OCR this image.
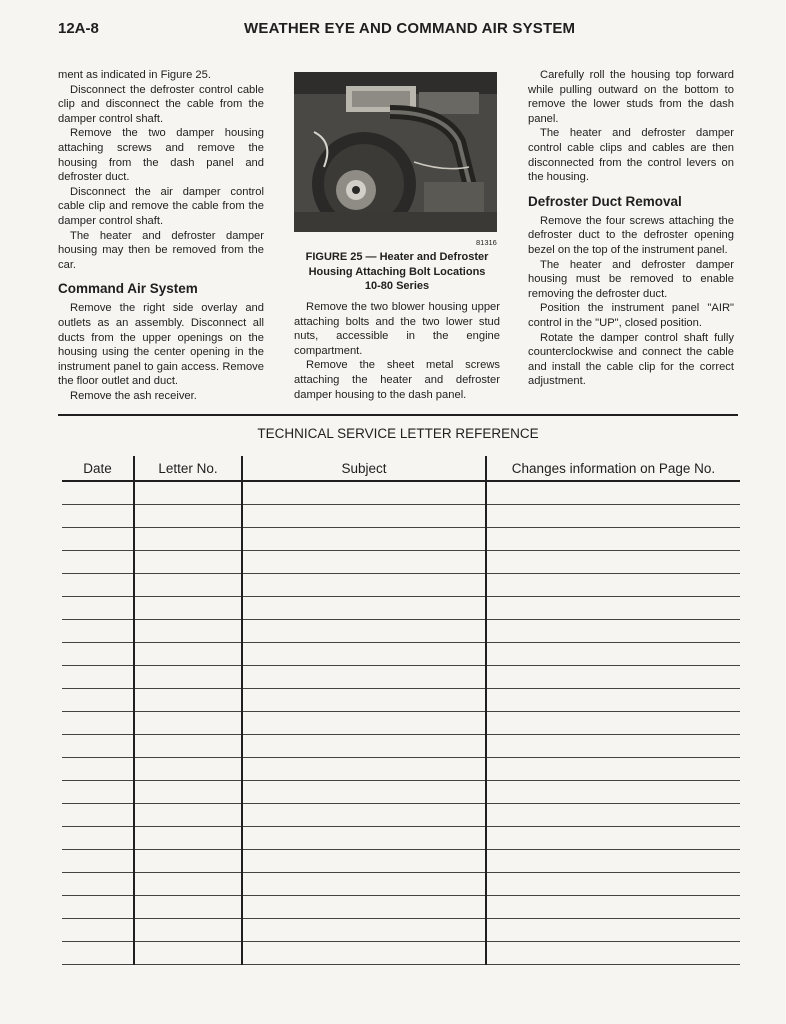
12A-8	WEATHER EYE AND COMMAND AIR SYSTEM

ment as indicated in Figure 25.

Disconnect the defroster control cable clip and disconnect the cable from the damper control shaft.

Remove the two damper housing attaching screws and remove the housing from the dash panel and defroster duct.

Disconnect the air damper control cable clip and remove the cable from the damper control shaft.

The heater and defroster damper housing may then be removed from the car.

Command Air System

Remove the right side overlay and outlets as an assembly. Disconnect all ducts from the upper openings on the housing using the center opening in the instrument panel to gain access. Remove the floor outlet and duct.

Remove the ash receiver.

81316
FIGURE 25 — Heater and Defroster
Housing Attaching Bolt Locations
10-80 Series

Remove the two blower housing upper attaching bolts and the two lower stud nuts, accessible in the engine compartment.

Remove the sheet metal screws attaching the heater and defroster damper housing to the dash panel.

Carefully roll the housing top forward while pulling outward on the bottom to remove the lower studs from the dash panel.

The heater and defroster damper control cable clips and cables are then disconnected from the control levers on the housing.

Defroster Duct Removal

Remove the four screws attaching the defroster duct to the defroster opening bezel on the top of the instrument panel.

The heater and defroster damper housing must be removed to enable removing the defroster duct.

Position the instrument panel "AIR" control in the "UP", closed position.

Rotate the damper control shaft fully counterclockwise and connect the cable and install the cable clip for the correct adjustment.

TECHNICAL SERVICE LETTER REFERENCE
Date	Letter No.	Subject	Changes information on Page No.
